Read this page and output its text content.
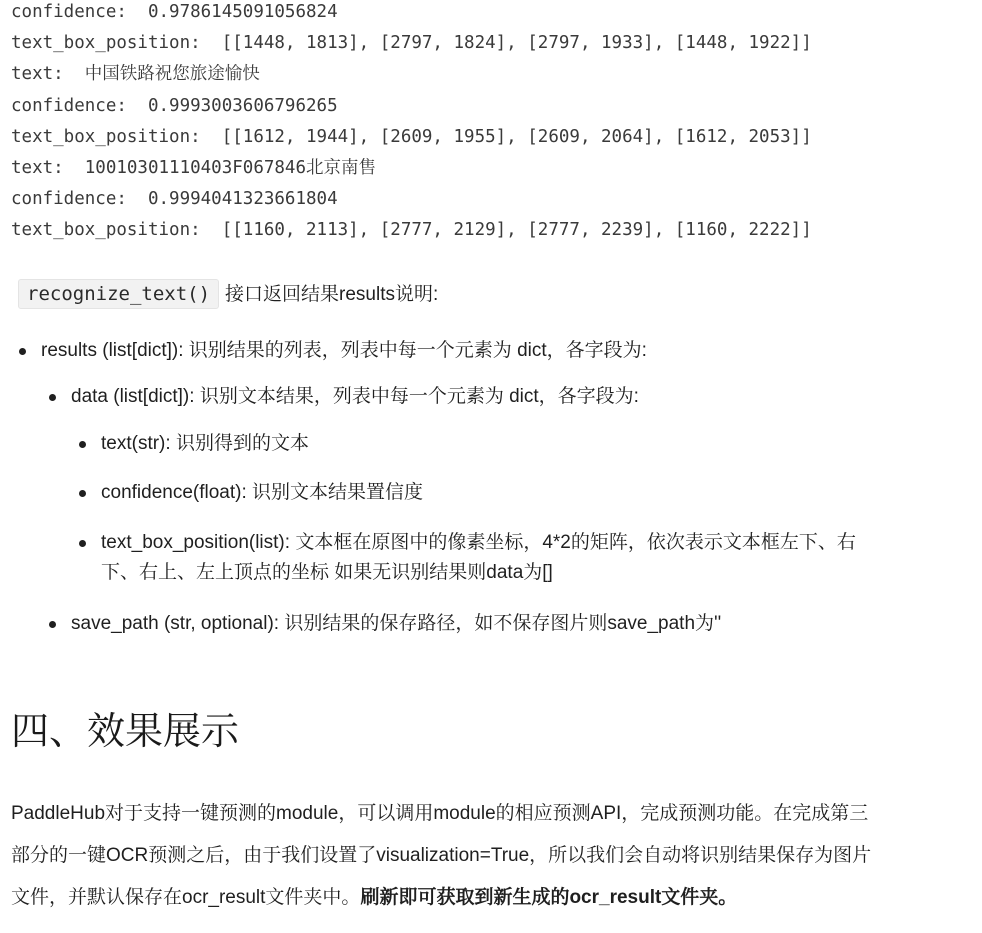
confidence:  0.9786145091056824
text_box_position:  [[1448, 1813], [2797, 1824], [2797, 1933], [1448, 1922]]
text:  中国铁路祝您旅途愉快
confidence:  0.9993003606796265
text_box_position:  [[1612, 1944], [2609, 1955], [2609, 2064], [1612, 2053]]
text:  10010301110403F067846北京南售
confidence:  0.9994041323661804
text_box_position:  [[1160, 2113], [2777, 2129], [2777, 2239], [1160, 2222]]
recognize_text() 接口返回结果results说明:
results (list[dict]): 识别结果的列表，列表中每一个元素为 dict，各字段为:
data (list[dict]): 识别文本结果，列表中每一个元素为 dict，各字段为:
text(str): 识别得到的文本
confidence(float): 识别文本结果置信度
text_box_position(list): 文本框在原图中的像素坐标，4*2的矩阵，依次表示文本框左下、右
下、右上、左上顶点的坐标 如果无识别结果则data为[]
save_path (str, optional): 识别结果的保存路径，如不保存图片则save_path为''
四、效果展示

PaddleHub对于支持一键预测的module，可以调用module的相应预测API，完成预测功能。在完成第三
部分的一键OCR预测之后，由于我们设置了visualization=True，所以我们会自动将识别结果保存为图片
文件，并默认保存在ocr_result文件夹中。刷新即可获取到新生成的ocr_result文件夹。
